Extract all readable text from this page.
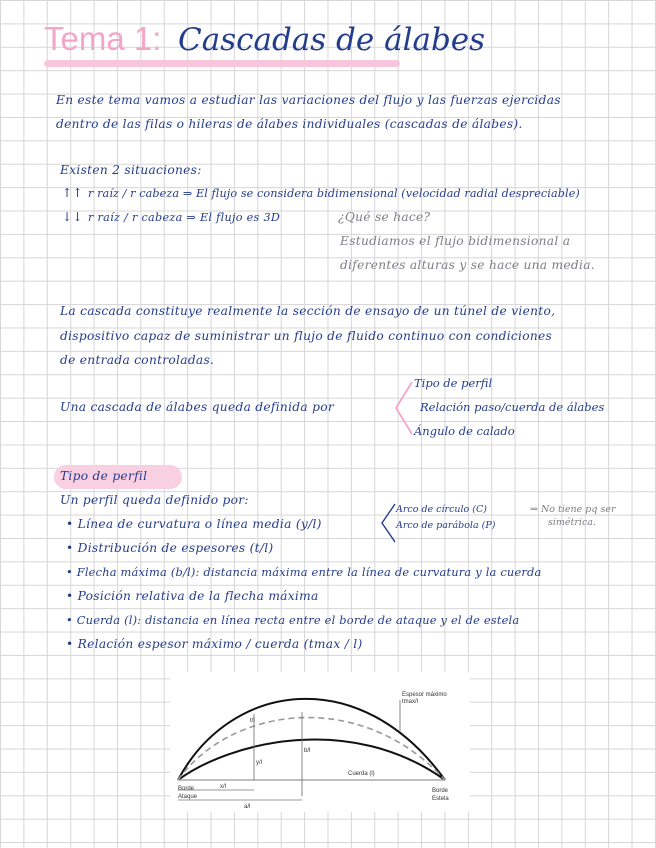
Tema 1: Cascadas de álabes
En este tema vamos a estudiar las variaciones del flujo y las fuerzas ejercidas
dentro de las filas o hileras de álabes individuales (cascadas de álabes).
Existen 2 situaciones:
↑↑ r raíz / r cabeza ⇒ El flujo se considera bidimensional (velocidad radial despreciable)
↓↓ r raíz / r cabeza ⇒ El flujo es 3D	¿Qué se hace?
Estudiamos el flujo bidimensional a
diferentes alturas y se hace una media.
La cascada constituye realmente la sección de ensayo de un túnel de viento,
dispositivo capaz de suministrar un flujo de fluido continuo con condiciones
de entrada controladas.
Una cascada de álabes queda definida por
Tipo de perfil
Relación paso/cuerda de álabes
Ángulo de calado
Tipo de perfil
Un perfil queda definido por:
• Línea de curvatura o línea media (y/l)
Arco de círculo (C)
Arco de parábola (P)
⇒ No tiene pq ser
simétrica.
• Distribución de espesores (t/l)
• Flecha máxima (b/l): distancia máxima entre la línea de curvatura y la cuerda
• Posición relativa de la flecha máxima
• Cuerda (l): distancia en línea recta entre el borde de ataque y el de estela
• Relación espesor máximo / cuerda (tmax / l)
Espesor máximo
tmax/l
Cuerda (l)
Borde
Ataque
Borde
Estela
y/l
b/l
x/l
a/l
t/l
